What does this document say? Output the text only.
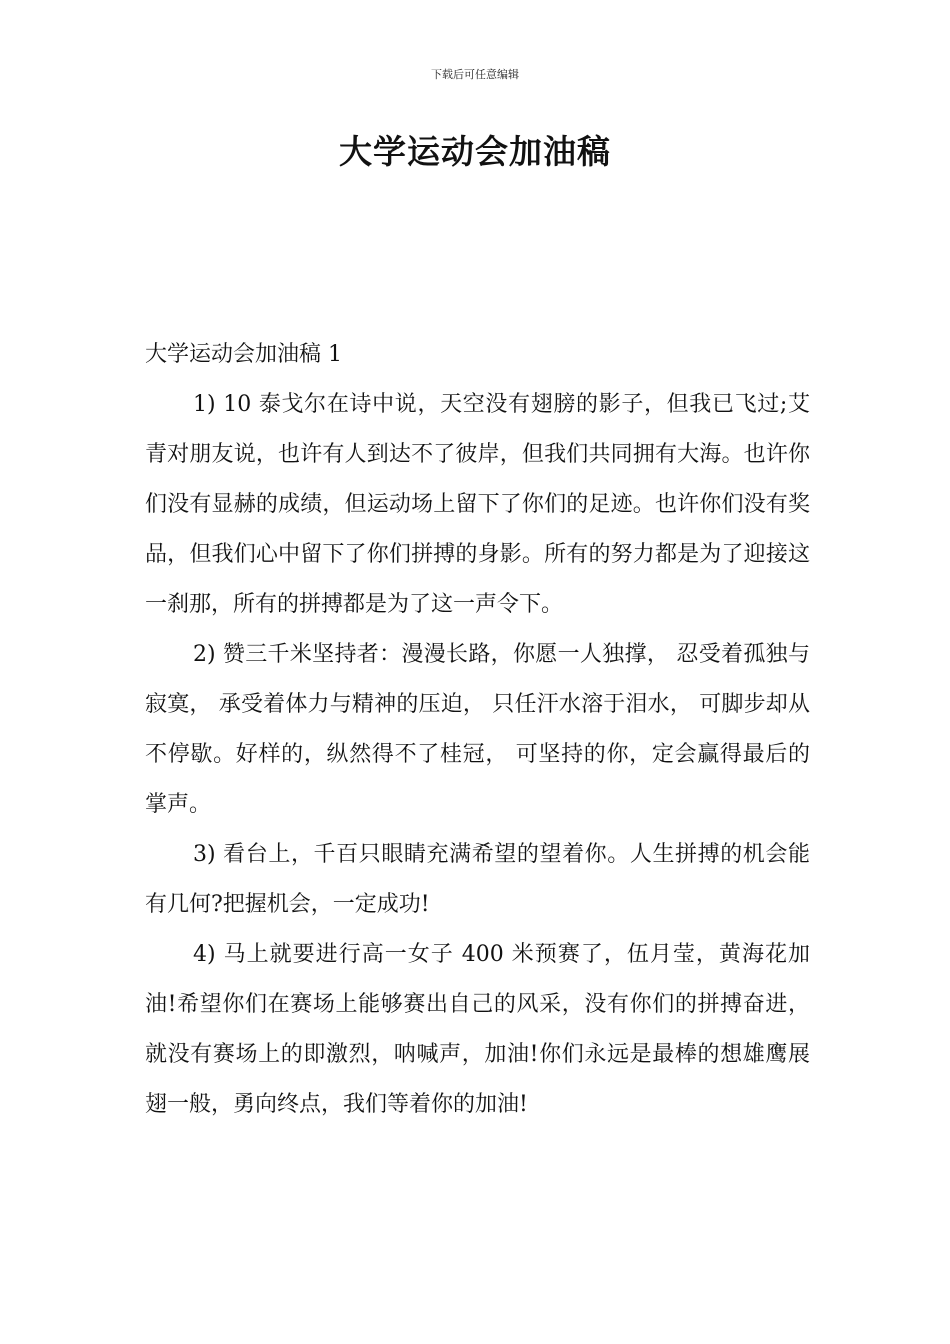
下载后可任意编辑
大学运动会加油稿

大学运动会加油稿 1

1) 10 泰戈尔在诗中说，天空没有翅膀的影子，但我已飞过;艾青对朋友说，也许有人到达不了彼岸，但我们共同拥有大海。也许你们没有显赫的成绩，但运动场上留下了你们的足迹。也许你们没有奖品，但我们心中留下了你们拼搏的身影。所有的努力都是为了迎接这一刹那，所有的拼搏都是为了这一声令下。

2) 赞三千米坚持者：漫漫长路，你愿一人独撑， 忍受着孤独与寂寞， 承受着体力与精神的压迫， 只任汗水溶于泪水， 可脚步却从不停歇。好样的，纵然得不了桂冠， 可坚持的你，定会赢得最后的掌声。

3) 看台上，千百只眼睛充满希望的望着你。人生拼搏的机会能有几何?把握机会，一定成功!

4) 马上就要进行高一女子 400 米预赛了，伍月莹，黄海花加油!希望你们在赛场上能够赛出自己的风采，没有你们的拼搏奋进，就没有赛场上的即激烈，呐喊声，加油!你们永远是最棒的想雄鹰展翅一般，勇向终点，我们等着你的加油!
